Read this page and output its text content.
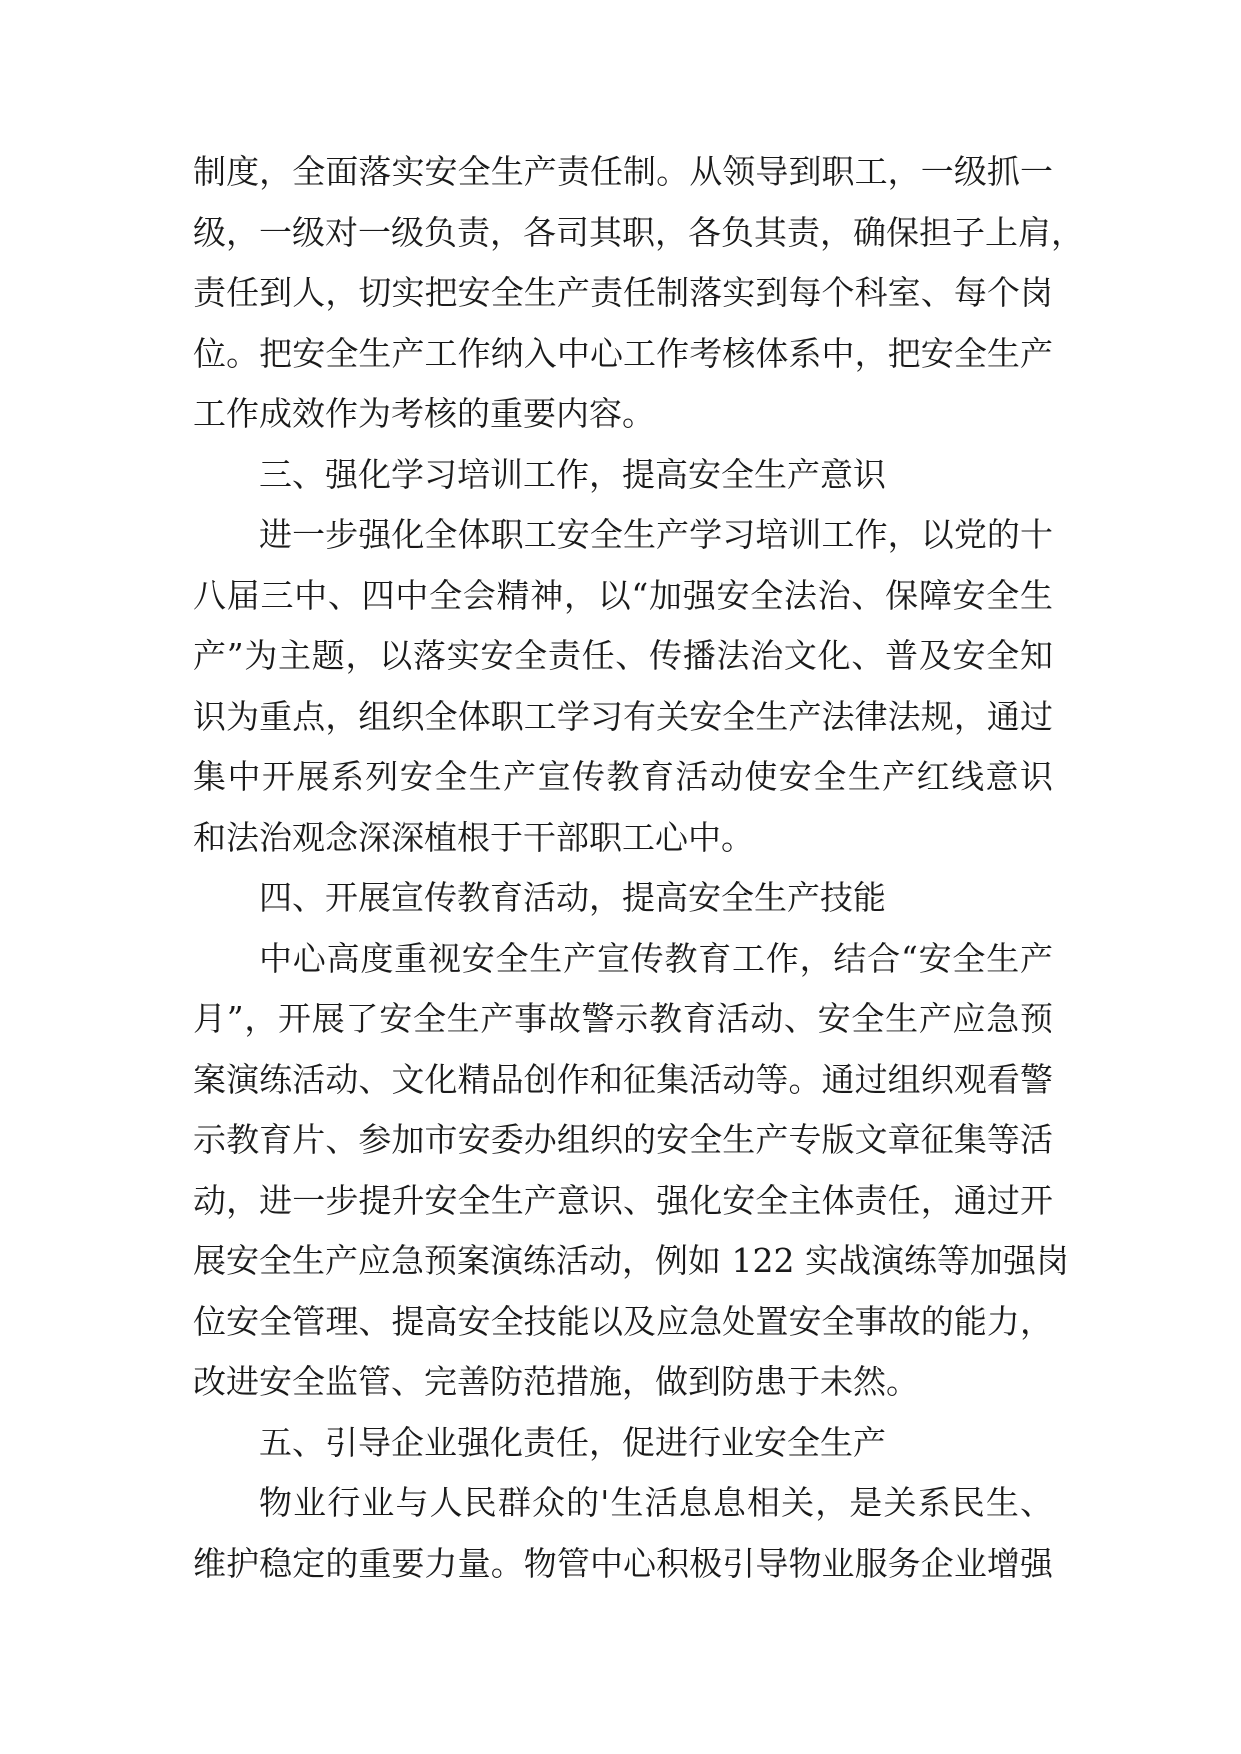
制度，全面落实安全生产责任制。从领导到职工，一级抓一
级，一级对一级负责，各司其职，各负其责，确保担子上肩，
责任到人，切实把安全生产责任制落实到每个科室、每个岗
位。把安全生产工作纳入中心工作考核体系中，把安全生产
工作成效作为考核的重要内容。
三、强化学习培训工作，提高安全生产意识
进一步强化全体职工安全生产学习培训工作，以党的十
八届三中、四中全会精神，以“加强安全法治、保障安全生
产”为主题，以落实安全责任、传播法治文化、普及安全知
识为重点，组织全体职工学习有关安全生产法律法规，通过
集中开展系列安全生产宣传教育活动使安全生产红线意识
和法治观念深深植根于干部职工心中。
四、开展宣传教育活动，提高安全生产技能
中心高度重视安全生产宣传教育工作，结合“安全生产
月”，开展了安全生产事故警示教育活动、安全生产应急预
案演练活动、文化精品创作和征集活动等。通过组织观看警
示教育片、参加市安委办组织的安全生产专版文章征集等活
动，进一步提升安全生产意识、强化安全主体责任，通过开
展安全生产应急预案演练活动，例如 122 实战演练等加强岗
位安全管理、提高安全技能以及应急处置安全事故的能力，
改进安全监管、完善防范措施，做到防患于未然。
五、引导企业强化责任，促进行业安全生产
物业行业与人民群众的'生活息息相关，是关系民生、
维护稳定的重要力量。物管中心积极引导物业服务企业增强
